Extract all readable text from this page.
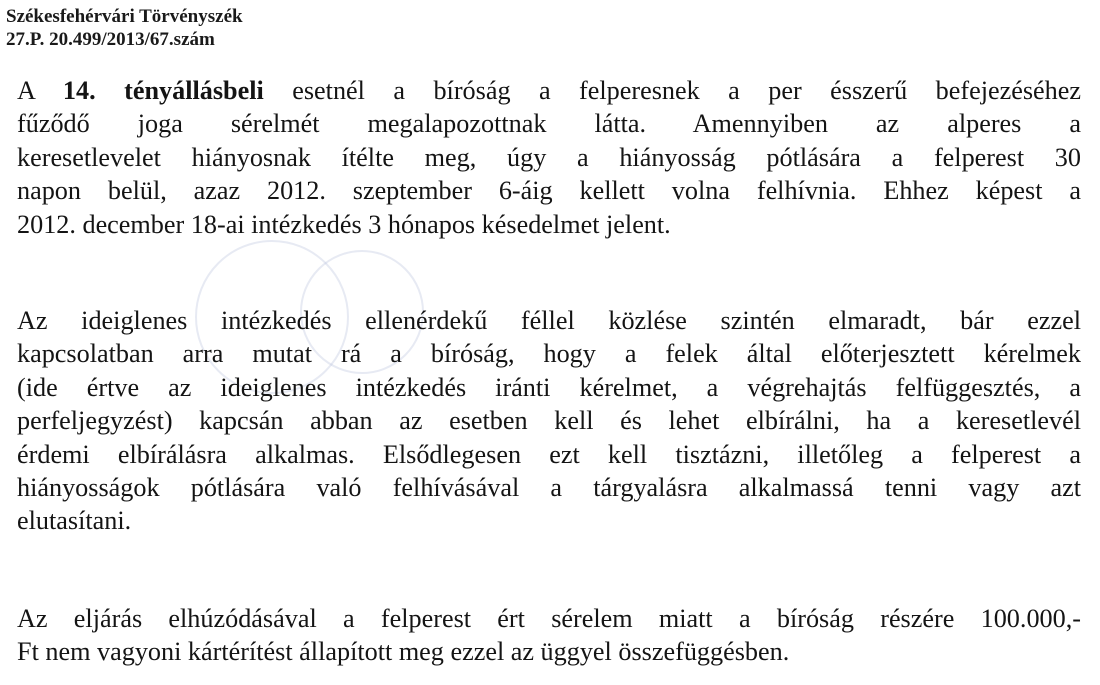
Székesfehérvári Törvényszék
27.P. 20.499/2013/67.szám
A 14. tényállásbeli esetnél a bíróság a felperesnek a per ésszerű befejezéséhez
fűződő joga sérelmét megalapozottnak látta. Amennyiben az alperes a
keresetlevelet hiányosnak ítélte meg, úgy a hiányosság pótlására a felperest 30
napon belül, azaz 2012. szeptember 6-áig kellett volna felhívnia. Ehhez képest a
2012. december 18-ai intézkedés 3 hónapos késedelmet jelent.
Az ideiglenes intézkedés ellenérdekű féllel közlése szintén elmaradt, bár ezzel
kapcsolatban arra mutat rá a bíróság, hogy a felek által előterjesztett kérelmek
(ide értve az ideiglenes intézkedés iránti kérelmet, a végrehajtás felfüggesztés, a
perfeljegyzést) kapcsán abban az esetben kell és lehet elbírálni, ha a keresetlevél
érdemi elbírálásra alkalmas. Elsődlegesen ezt kell tisztázni, illetőleg a felperest a
hiányosságok pótlására való felhívásával a tárgyalásra alkalmassá tenni vagy azt
elutasítani.
Az eljárás elhúzódásával a felperest ért sérelem miatt a bíróság részére 100.000,-
Ft nem vagyoni kártérítést állapított meg ezzel az üggyel összefüggésben.
